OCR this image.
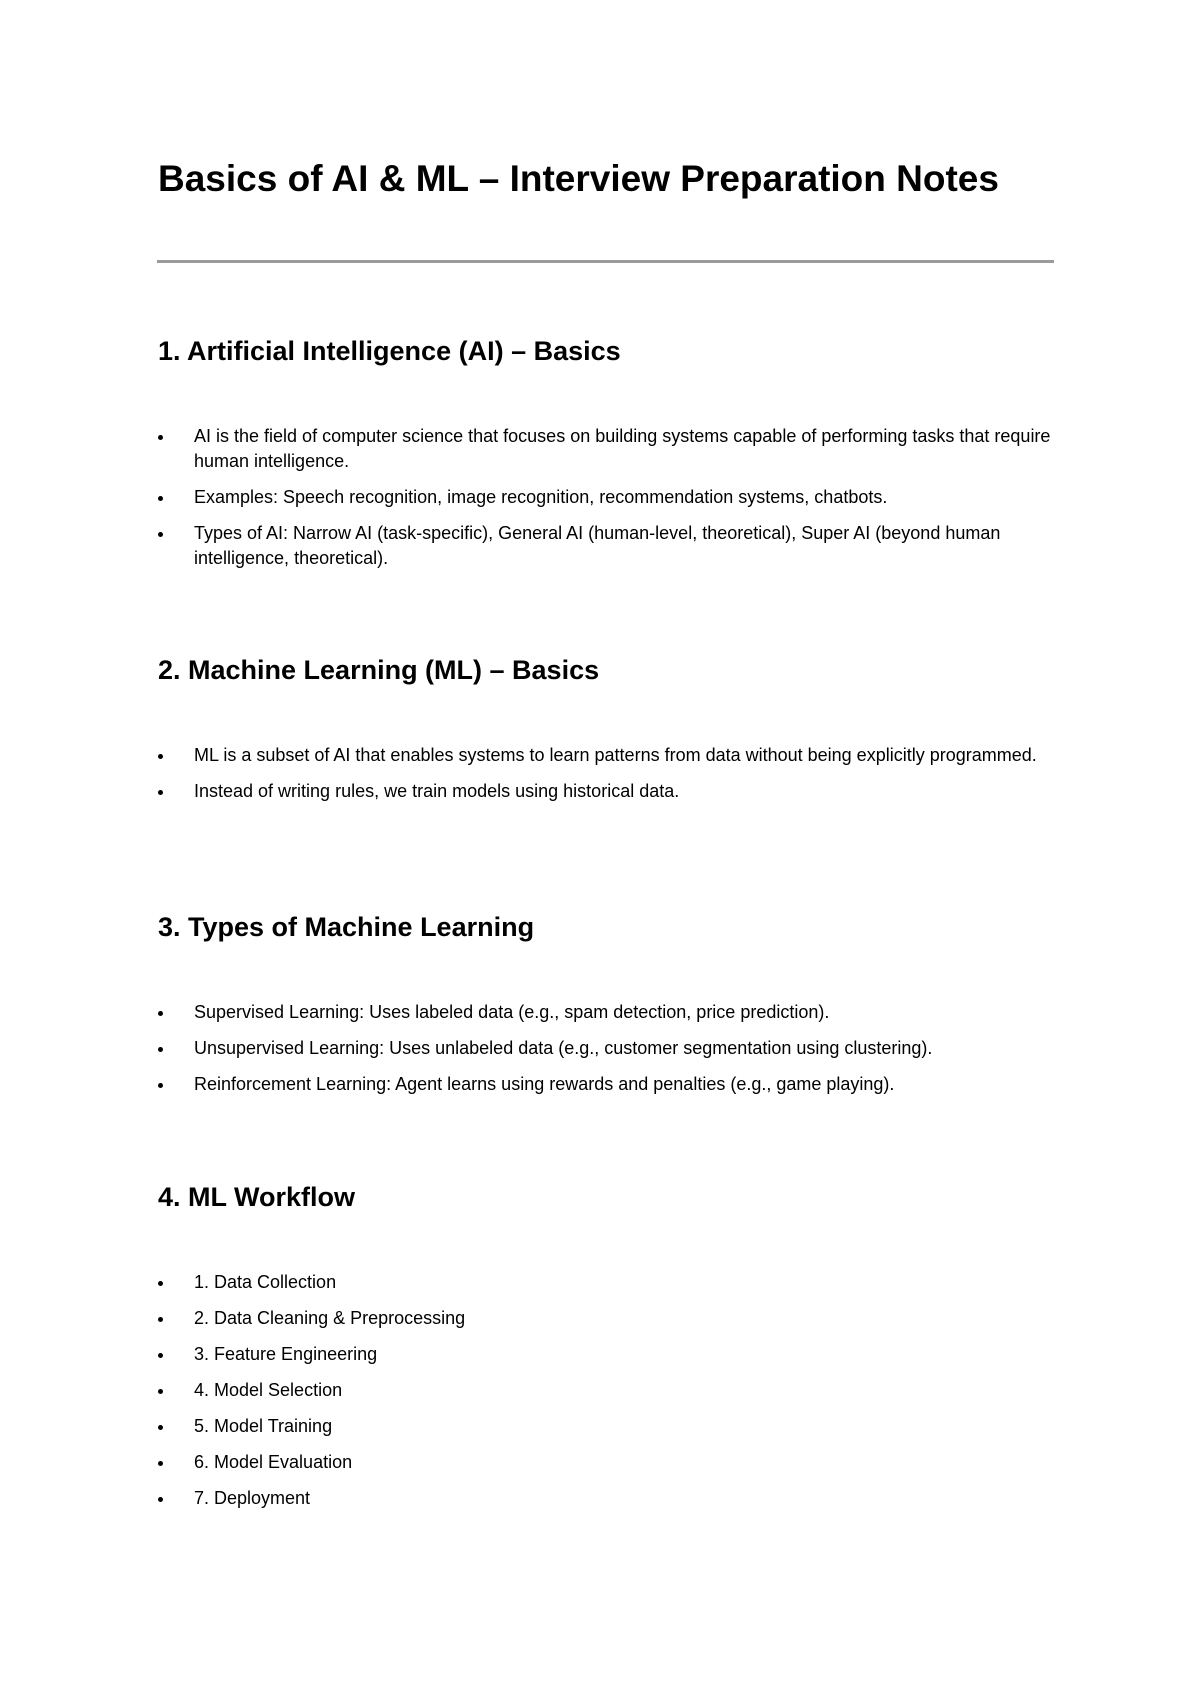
Basics of AI & ML – Interview Preparation Notes
1. Artificial Intelligence (AI) – Basics
AI is the field of computer science that focuses on building systems capable of performing tasks that require human intelligence.
Examples: Speech recognition, image recognition, recommendation systems, chatbots.
Types of AI: Narrow AI (task-specific), General AI (human-level, theoretical), Super AI (beyond human intelligence, theoretical).
2. Machine Learning (ML) – Basics
ML is a subset of AI that enables systems to learn patterns from data without being explicitly programmed.
Instead of writing rules, we train models using historical data.
3. Types of Machine Learning
Supervised Learning: Uses labeled data (e.g., spam detection, price prediction).
Unsupervised Learning: Uses unlabeled data (e.g., customer segmentation using clustering).
Reinforcement Learning: Agent learns using rewards and penalties (e.g., game playing).
4. ML Workflow
1. Data Collection
2. Data Cleaning & Preprocessing
3. Feature Engineering
4. Model Selection
5. Model Training
6. Model Evaluation
7. Deployment
